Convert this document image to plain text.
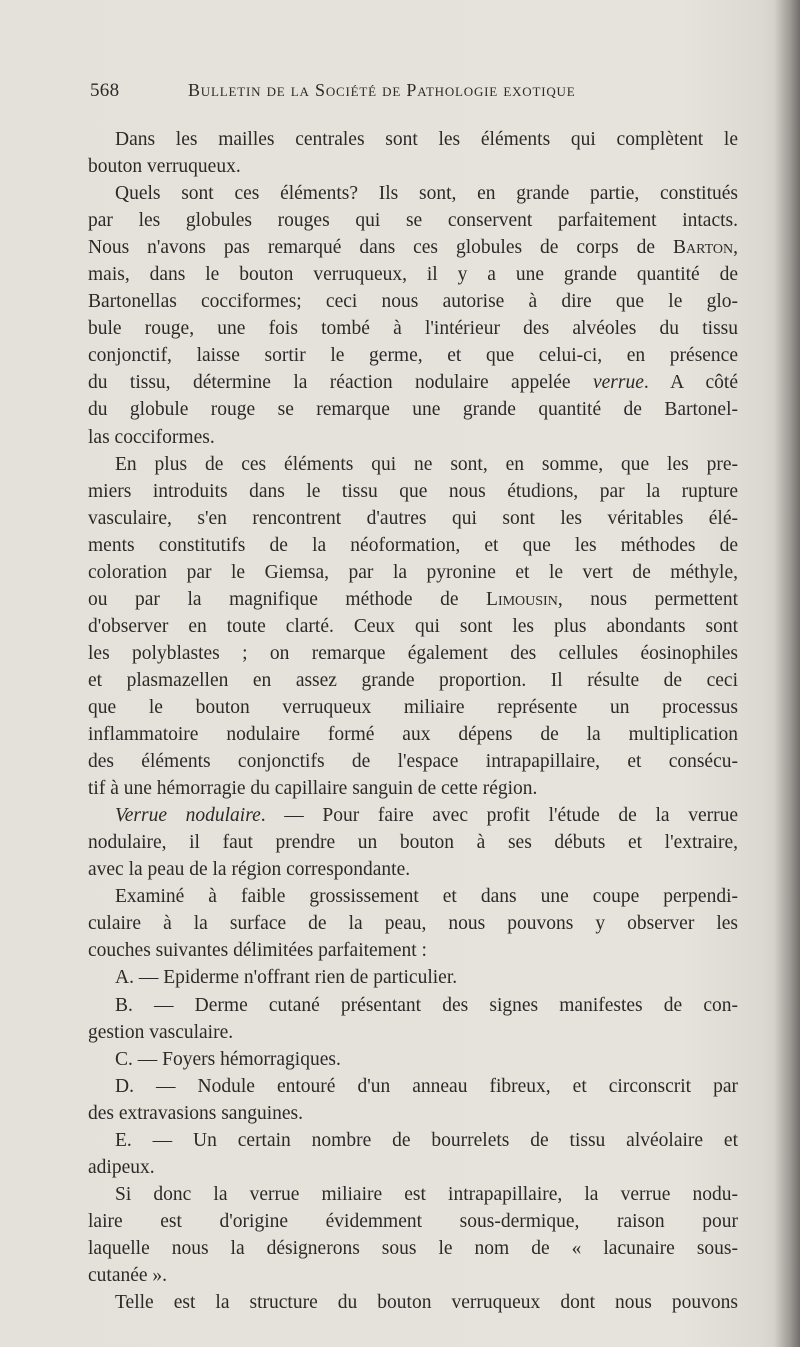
568	Bulletin de la Société de Pathologie exotique
Dans les mailles centrales sont les éléments qui complètent le
bouton verruqueux.
Quels sont ces éléments? Ils sont, en grande partie, constitués
par les globules rouges qui se conservent parfaitement intacts.
Nous n'avons pas remarqué dans ces globules de corps de Barton,
mais, dans le bouton verruqueux, il y a une grande quantité de
Bartonellas cocciformes; ceci nous autorise à dire que le glo-
bule rouge, une fois tombé à l'intérieur des alvéoles du tissu
conjonctif, laisse sortir le germe, et que celui-ci, en présence
du tissu, détermine la réaction nodulaire appelée verrue. A côté
du globule rouge se remarque une grande quantité de Bartonel-
las cocciformes.
En plus de ces éléments qui ne sont, en somme, que les pre-
miers introduits dans le tissu que nous étudions, par la rupture
vasculaire, s'en rencontrent d'autres qui sont les véritables élé-
ments constitutifs de la néoformation, et que les méthodes de
coloration par le Giemsa, par la pyronine et le vert de méthyle,
ou par la magnifique méthode de Limousin, nous permettent
d'observer en toute clarté. Ceux qui sont les plus abondants sont
les polyblastes ; on remarque également des cellules éosinophiles
et plasmazellen en assez grande proportion. Il résulte de ceci
que le bouton verruqueux miliaire représente un processus
inflammatoire nodulaire formé aux dépens de la multiplication
des éléments conjonctifs de l'espace intrapapillaire, et consécu-
tif à une hémorragie du capillaire sanguin de cette région.
Verrue nodulaire. — Pour faire avec profit l'étude de la verrue
nodulaire, il faut prendre un bouton à ses débuts et l'extraire,
avec la peau de la région correspondante.
Examiné à faible grossissement et dans une coupe perpendi-
culaire à la surface de la peau, nous pouvons y observer les
couches suivantes délimitées parfaitement :
A. — Epiderme n'offrant rien de particulier.
B. — Derme cutané présentant des signes manifestes de con-
gestion vasculaire.
C. — Foyers hémorragiques.
D. — Nodule entouré d'un anneau fibreux, et circonscrit par
des extravasions sanguines.
E. — Un certain nombre de bourrelets de tissu alvéolaire et
adipeux.
Si donc la verrue miliaire est intrapapillaire, la verrue nodu-
laire est d'origine évidemment sous-dermique, raison pour
laquelle nous la désignerons sous le nom de « lacunaire sous-
cutanée ».
Telle est la structure du bouton verruqueux dont nous pouvons
